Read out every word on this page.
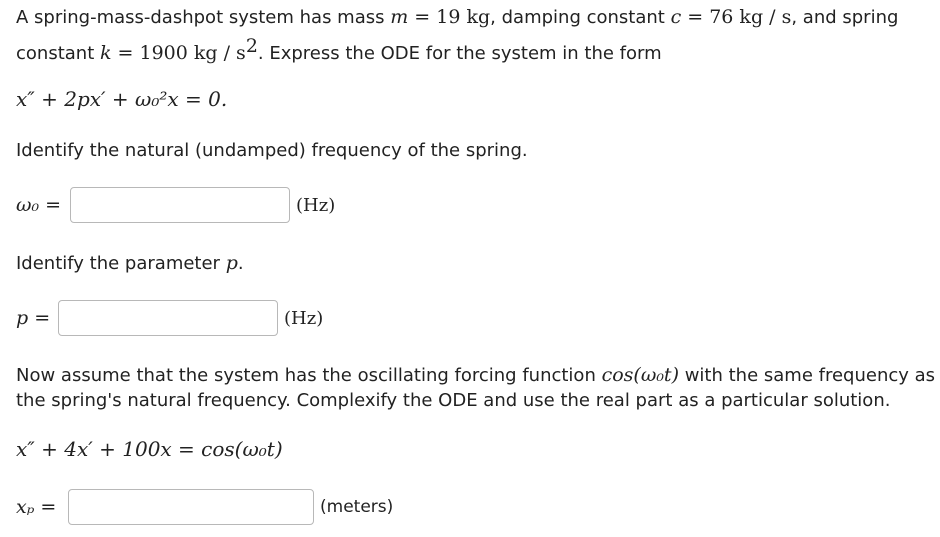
A spring-mass-dashpot system has mass m = 19 kg, damping constant c = 76 kg / s, and spring
constant k = 1900 kg / $s^2$. Express the ODE for the system in the form
x″ + 2px′ + ω₀²x = 0.
Identify the natural (undamped) frequency of the spring.
ω₀ =	(Hz)
Identify the parameter p.
p =	(Hz)
Now assume that the system has the oscillating forcing function cos(ω₀t) with the same frequency as
the spring's natural frequency. Complexify the ODE and use the real part as a particular solution.
x″ + 4x′ + 100x = cos(ω₀t)
xₚ =	(meters)
